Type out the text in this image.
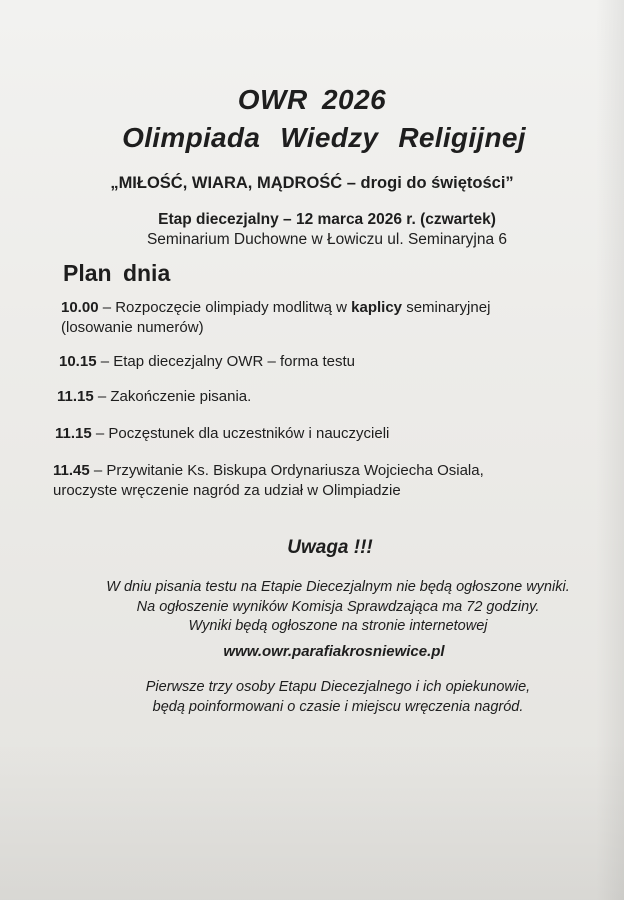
OWR 2026
Olimpiada Wiedzy Religijnej
„MIŁOŚĆ, WIARA, MĄDROŚĆ – drogi do świętości”
Etap diecezjalny – 12 marca 2026 r. (czwartek)
Seminarium Duchowne w Łowiczu ul. Seminaryjna 6
Plan dnia
10.00 – Rozpoczęcie olimpiady modlitwą w kaplicy seminaryjnej
(losowanie numerów)
10.15 – Etap diecezjalny OWR – forma testu
11.15 – Zakończenie pisania.
11.15 – Poczęstunek dla uczestników i nauczycieli
11.45 – Przywitanie Ks. Biskupa Ordynariusza Wojciecha Osiala,
uroczyste wręczenie nagród za udział w Olimpiadzie
Uwaga !!!
W dniu pisania testu na Etapie Diecezjalnym nie będą ogłoszone wyniki.
Na ogłoszenie wyników Komisja Sprawdzająca ma 72 godziny.
Wyniki będą ogłoszone na stronie internetowej
www.owr.parafiakrosniewice.pl
Pierwsze trzy osoby Etapu Diecezjalnego i ich opiekunowie,
będą poinformowani o czasie i miejscu wręczenia nagród.
